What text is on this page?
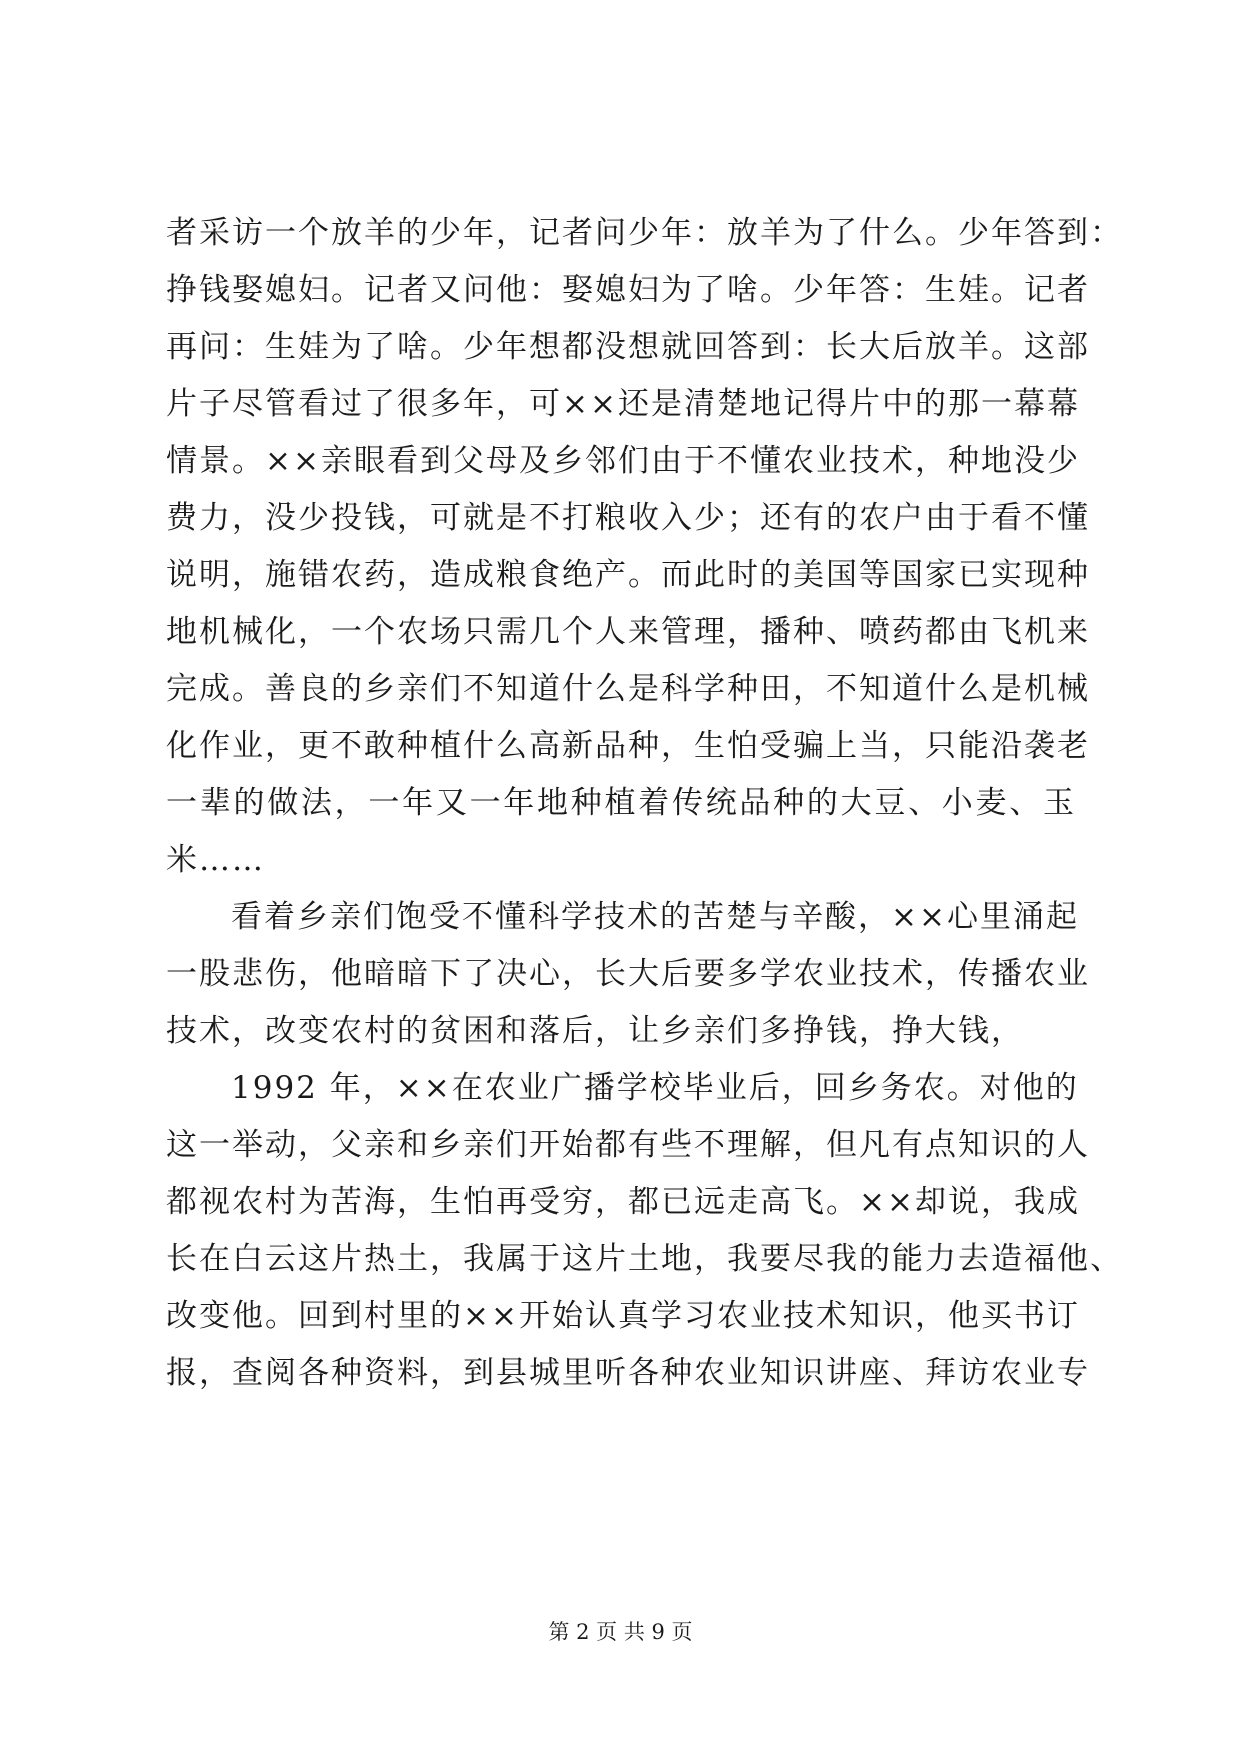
者采访一个放羊的少年，记者问少年：放羊为了什么。少年答到：
挣钱娶媳妇。记者又问他：娶媳妇为了啥。少年答：生娃。记者
再问：生娃为了啥。少年想都没想就回答到：长大后放羊。这部
片子尽管看过了很多年，可××还是清楚地记得片中的那一幕幕
情景。××亲眼看到父母及乡邻们由于不懂农业技术，种地没少
费力，没少投钱，可就是不打粮收入少；还有的农户由于看不懂
说明，施错农药，造成粮食绝产。而此时的美国等国家已实现种
地机械化，一个农场只需几个人来管理，播种、喷药都由飞机来
完成。善良的乡亲们不知道什么是科学种田，不知道什么是机械
化作业，更不敢种植什么高新品种，生怕受骗上当，只能沿袭老
一辈的做法，一年又一年地种植着传统品种的大豆、小麦、玉
米……
看着乡亲们饱受不懂科学技术的苦楚与辛酸，××心里涌起
一股悲伤，他暗暗下了决心，长大后要多学农业技术，传播农业
技术，改变农村的贫困和落后，让乡亲们多挣钱，挣大钱，
1992 年，××在农业广播学校毕业后，回乡务农。对他的
这一举动，父亲和乡亲们开始都有些不理解，但凡有点知识的人
都视农村为苦海，生怕再受穷，都已远走高飞。××却说，我成
长在白云这片热土，我属于这片土地，我要尽我的能力去造福他、
改变他。回到村里的××开始认真学习农业技术知识，他买书订
报，查阅各种资料，到县城里听各种农业知识讲座、拜访农业专
第 2 页 共 9 页
